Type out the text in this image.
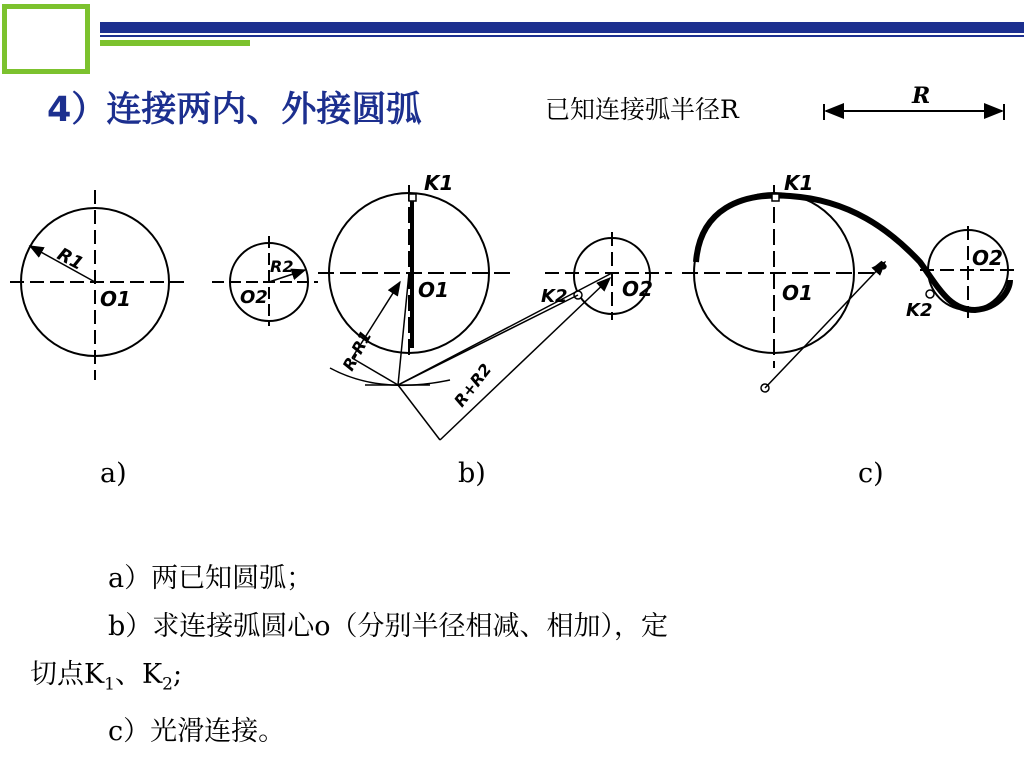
4）连接两内、外接圆弧	已知连接弧半径R	R
R1
O1
R2
O2
K1
O1	O2
K2
R-R1
R+R2
K1
O1
O2
K2
R
a)	b)	c)
a）两已知圆弧；
b）求连接弧圆心o（分别半径相减、相加），定
切点$K_1$、$K_2$;
c）光滑连接。
